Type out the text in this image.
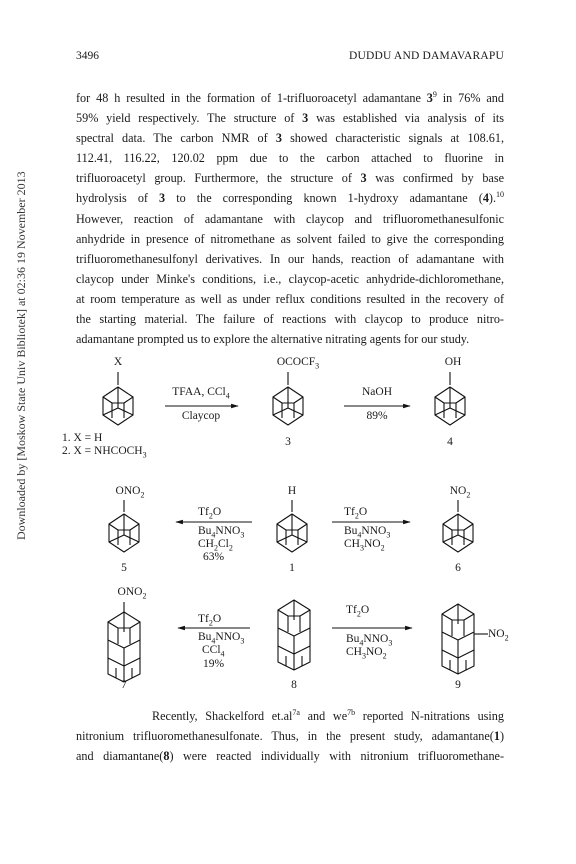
Downloaded by [Moskow State Univ Bibliotek] at 02:36 19 November 2013
3496	DUDDU AND DAMAVARAPU
for 48 h resulted in the formation of 1-trifluoroacetyl adamantane $3^9$ in 76% and
59% yield respectively. The structure of 3 was established via analysis of its
spectral data. The carbon NMR of 3 showed characteristic signals at 108.61,
112.41, 116.22, 120.02 ppm due to the carbon attached to fluorine in
trifluoroacetyl group. Furthermore, the structure of 3 was confirmed by base
hydrolysis of 3 to the corresponding known 1-hydroxy adamantane (4).$^{10}$
However, reaction of adamantane with claycop and trifluoromethanesulfonic
anhydride in presence of nitromethane as solvent failed to give the corresponding
trifluoromethanesulfonyl derivatives. In our hands, reaction of adamantane with
claycop under Minke's conditions, i.e., claycop-acetic anhydride-dichloromethane,
at room temperature as well as under reflux conditions resulted in the recovery of
the starting material. The failure of reactions with claycop to produce nitro-
adamantane prompted us to explore the alternative nitrating agents for our study.
X
1. X = H
2. $X = NHCOCH_3$
TFAA, CCl$_4$
Claycop
$OCOCF_3$
3
NaOH
89%
OH
4
$ONO_2$
5
$Tf_2O$
$Bu_4NNO_3$
$CH_2Cl_2$
63%
H
1
$Tf_2O$
$Bu_4NNO_3$
$CH_3NO_2$
$NO_2$
6
$ONO_2$
7
$Tf_2O$
$Bu_4NNO_3$
CCl$_4$
19%
8
$Tf_2O$
$Bu_4NNO_3$
$CH_3NO_2$
$NO_2$
9
Recently, Shackelford $et.al^{7a}$ and $we^{7b}$ reported N-nitrations using
nitronium trifluoromethanesulfonate. Thus, in the present study, adamantane(1)
and diamantane(8) were reacted individually with nitronium trifluoromethane-
